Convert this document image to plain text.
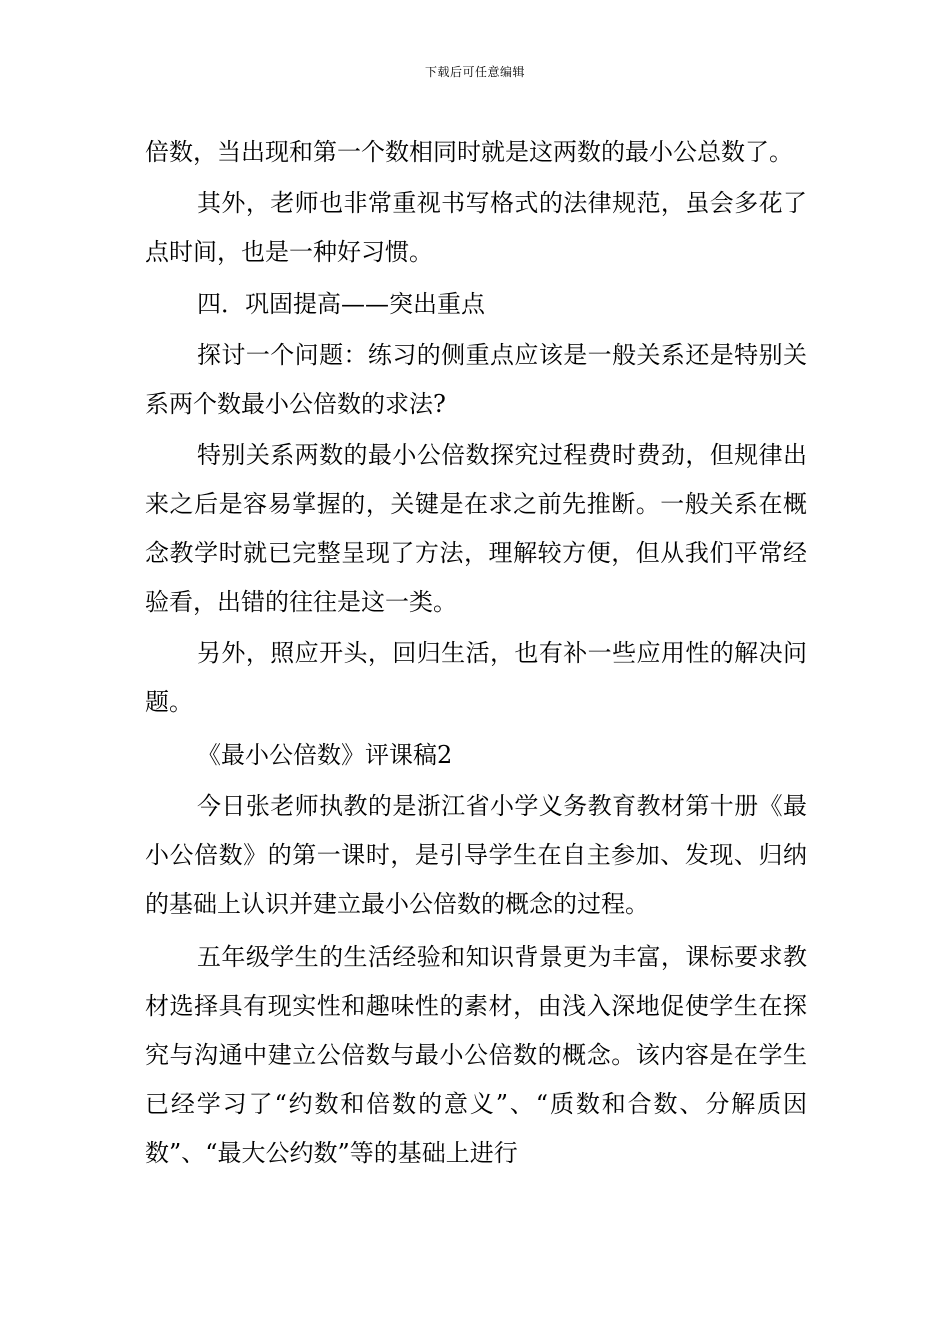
下载后可任意编辑

倍数，当出现和第一个数相同时就是这两数的最小公总数了。

其外，老师也非常重视书写格式的法律规范，虽会多花了点时间，也是一种好习惯。

四．巩固提高——突出重点

探讨一个问题：练习的侧重点应该是一般关系还是特别关系两个数最小公倍数的求法?

特别关系两数的最小公倍数探究过程费时费劲，但规律出来之后是容易掌握的，关键是在求之前先推断。一般关系在概念教学时就已完整呈现了方法，理解较方便，但从我们平常经验看，出错的往往是这一类。

另外，照应开头，回归生活，也有补一些应用性的解决问题。

《最小公倍数》评课稿2

今日张老师执教的是浙江省小学义务教育教材第十册《最小公倍数》的第一课时，是引导学生在自主参加、发现、归纳的基础上认识并建立最小公倍数的概念的过程。

五年级学生的生活经验和知识背景更为丰富，课标要求教材选择具有现实性和趣味性的素材，由浅入深地促使学生在探究与沟通中建立公倍数与最小公倍数的概念。该内容是在学生已经学习了“约数和倍数的意义”、“质数和合数、分解质因数”、“最大公约数”等的基础上进行
